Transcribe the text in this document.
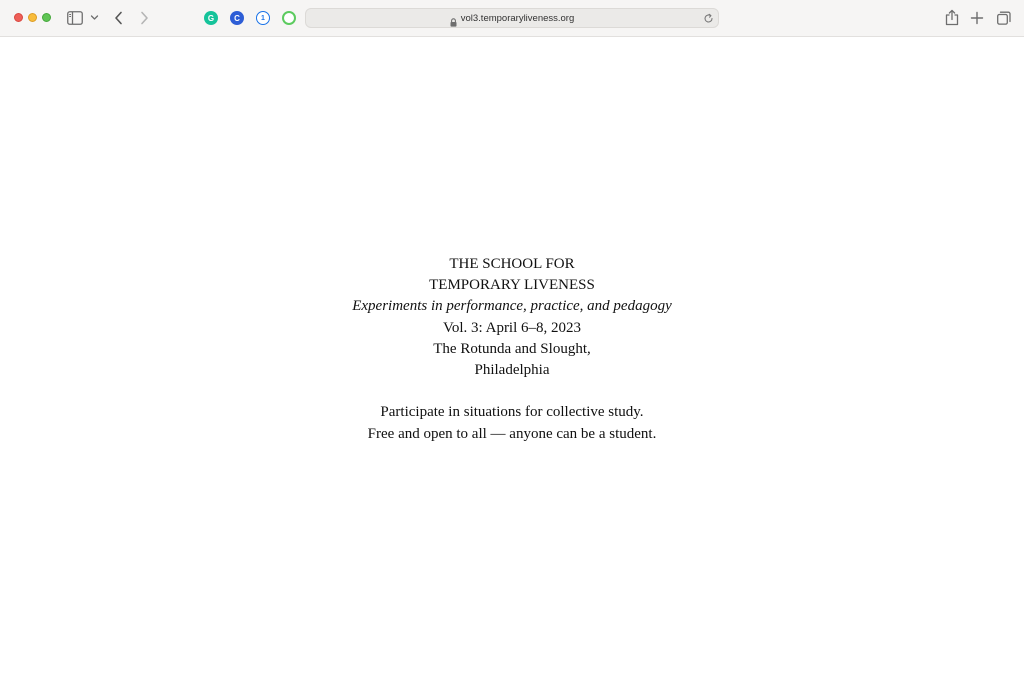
G	C	1	vol3.temporaryliveness.org
THE SCHOOL FOR
TEMPORARY LIVENESS
Experiments in performance, practice, and pedagogy
Vol. 3: April 6–8, 2023
The Rotunda and Slought,
Philadelphia
Participate in situations for collective study.
Free and open to all — anyone can be a student.
